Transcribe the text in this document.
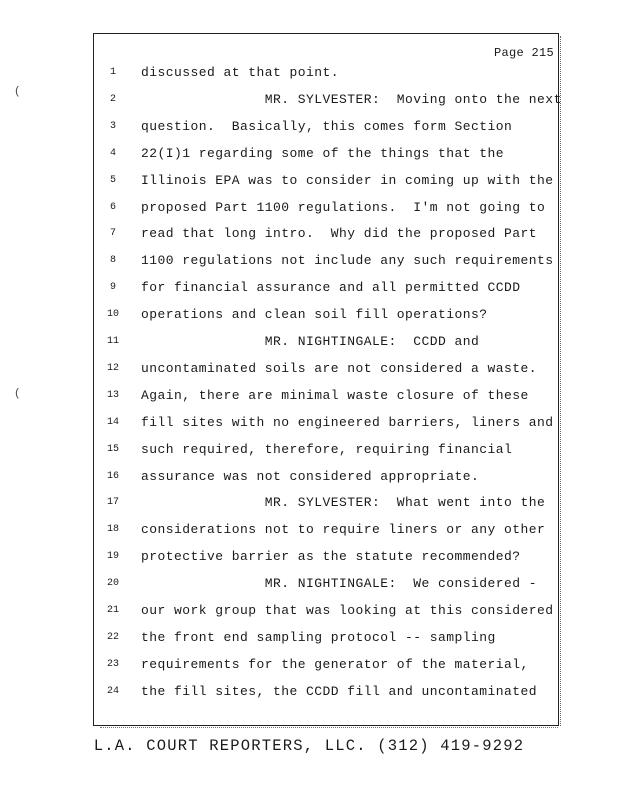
(
(
Page 215
1	discussed at that point.
2	MR. SYLVESTER:  Moving onto the next
3	question.  Basically, this comes form Section
4	22(I)1 regarding some of the things that the
5	Illinois EPA was to consider in coming up with the
6	proposed Part 1100 regulations.  I'm not going to
7	read that long intro.  Why did the proposed Part
8	1100 regulations not include any such requirements
9	for financial assurance and all permitted CCDD
10	operations and clean soil fill operations?
11	MR. NIGHTINGALE:  CCDD and
12	uncontaminated soils are not considered a waste.
13	Again, there are minimal waste closure of these
14	fill sites with no engineered barriers, liners and
15	such required, therefore, requiring financial
16	assurance was not considered appropriate.
17	MR. SYLVESTER:  What went into the
18	considerations not to require liners or any other
19	protective barrier as the statute recommended?
20	MR. NIGHTINGALE:  We considered -
21	our work group that was looking at this considered
22	the front end sampling protocol -- sampling
23	requirements for the generator of the material,
24	the fill sites, the CCDD fill and uncontaminated
L.A. COURT REPORTERS, LLC. (312) 419-9292
